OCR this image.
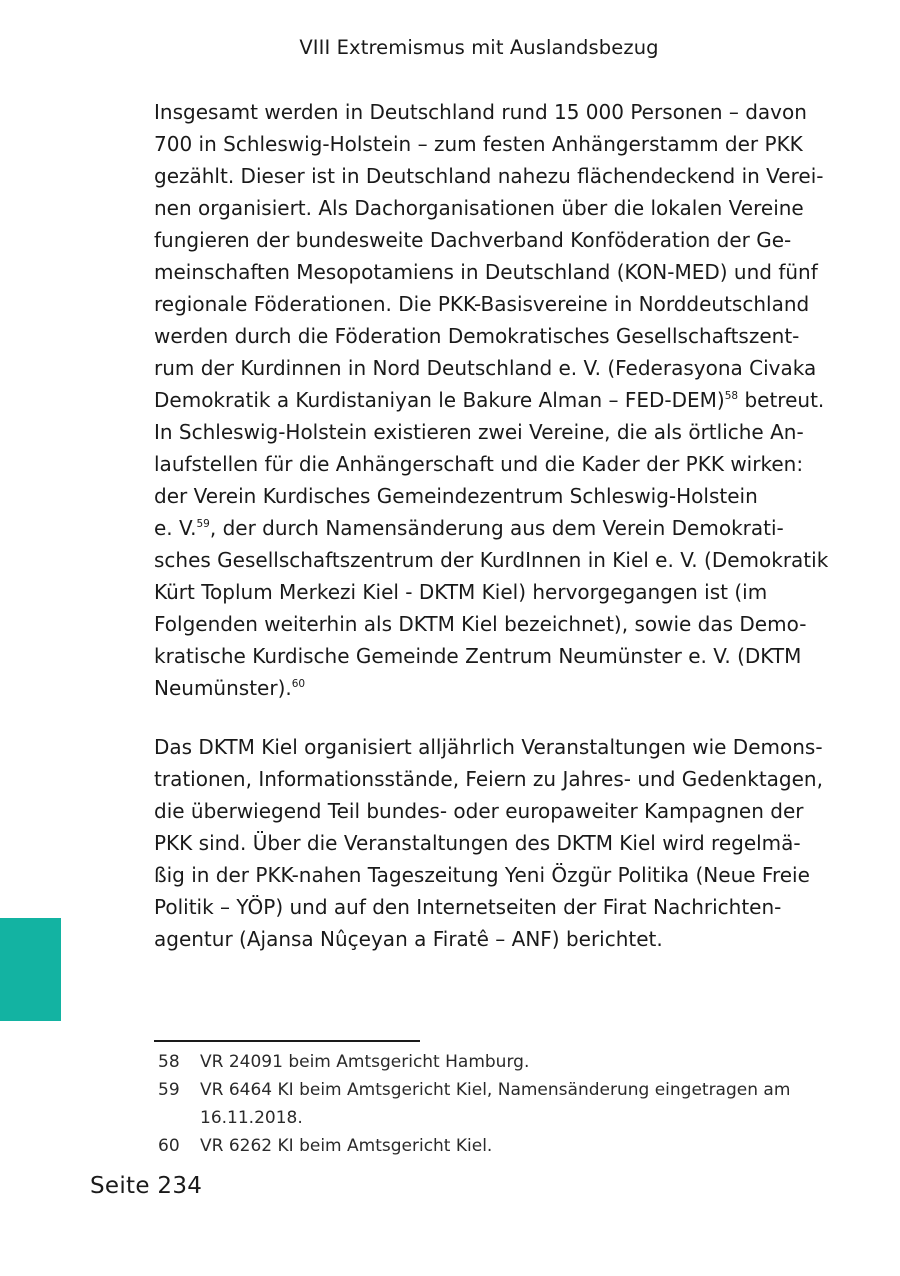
VIII Extremismus mit Auslandsbezug
Insgesamt werden in Deutschland rund 15 000 Personen – davon
700 in Schleswig-Holstein – zum festen Anhängerstamm der PKK
gezählt. Dieser ist in Deutschland nahezu flächendeckend in Verei-
nen organisiert. Als Dachorganisationen über die lokalen Vereine
fungieren der bundesweite Dachverband Konföderation der Ge-
meinschaften Mesopotamiens in Deutschland (KON-MED) und fünf
regionale Föderationen. Die PKK-Basisvereine in Norddeutschland
werden durch die Föderation Demokratisches Gesellschaftszent-
rum der Kurdinnen in Nord Deutschland e. V. (Federasyona Civaka
Demokratik a Kurdistaniyan le Bakure Alman – FED-DEM)$^{58}$ betreut.
In Schleswig-Holstein existieren zwei Vereine, die als örtliche An-
laufstellen für die Anhängerschaft und die Kader der PKK wirken:
der Verein Kurdisches Gemeindezentrum Schleswig-Holstein
e. V.$^{59}$, der durch Namensänderung aus dem Verein Demokrati-
sches Gesellschaftszentrum der KurdInnen in Kiel e. V. (Demokratik
Kürt Toplum Merkezi Kiel - DKTM Kiel) hervorgegangen ist (im
Folgenden weiterhin als DKTM Kiel bezeichnet), sowie das Demo-
kratische Kurdische Gemeinde Zentrum Neumünster e. V. (DKTM
Neumünster).$^{60}$
Das DKTM Kiel organisiert alljährlich Veranstaltungen wie Demons-
trationen, Informationsstände, Feiern zu Jahres- und Gedenktagen,
die überwiegend Teil bundes- oder europaweiter Kampagnen der
PKK sind. Über die Veranstaltungen des DKTM Kiel wird regelmä-
ßig in der PKK-nahen Tageszeitung Yeni Özgür Politika (Neue Freie
Politik – YÖP) und auf den Internetseiten der Firat Nachrichten-
agentur (Ajansa Nûçeyan a Firatê – ANF) berichtet.
58	VR 24091 beim Amtsgericht Hamburg.
59	VR 6464 KI beim Amtsgericht Kiel, Namensänderung eingetragen am
16.11.2018.
60	VR 6262 KI beim Amtsgericht Kiel.
Seite 234
